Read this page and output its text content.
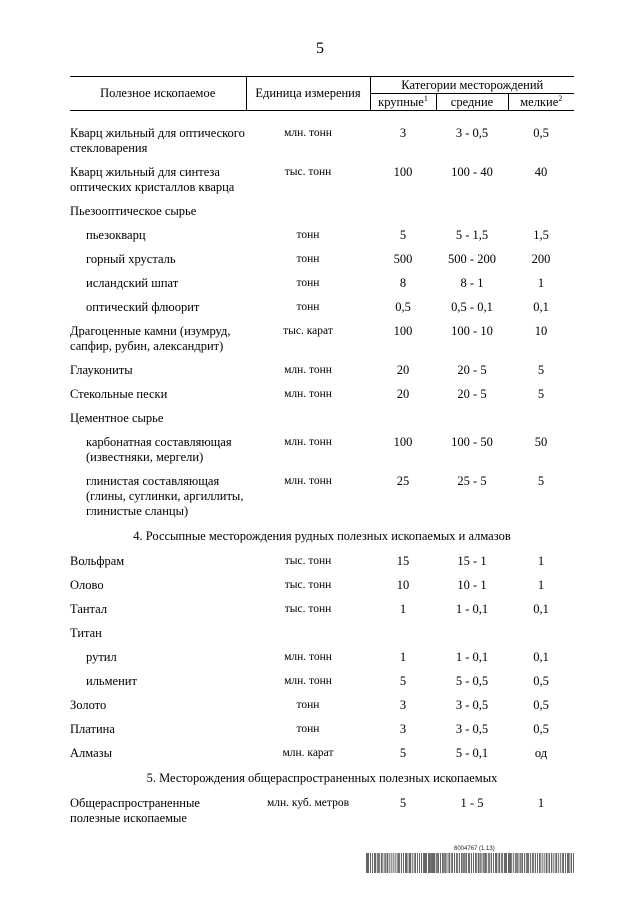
5
Полезное ископаемое	Единица измерения	Категории месторождений		
		крупные$^1$	средние	мелкие$^2$

Кварц жильный для оптического стекловарения	млн. тонн	3	3 - 0,5	0,5
Кварц жильный для синтеза оптических кристаллов кварца	тыс. тонн	100	100 - 40	40
Пьезооптическое сырье				
пьезокварц	тонн	5	5 - 1,5	1,5
горный хрусталь	тонн	500	500 - 200	200
исландский шпат	тонн	8	8 - 1	1
оптический флюорит	тонн	0,5	0,5 - 0,1	0,1
Драгоценные камни (изумруд, сапфир, рубин, александрит)	тыс. карат	100	100 - 10	10
Глаукониты	млн. тонн	20	20 - 5	5
Стекольные пески	млн. тонн	20	20 - 5	5
Цементное сырье				
карбонатная составляющая (известняки, мергели)	млн. тонн	100	100 - 50	50
глинистая составляющая (глины, суглинки, аргиллиты, глинистые сланцы)	млн. тонн	25	25 - 5	5
4. Россыпные месторождения рудных полезных ископаемых и алмазов				
Вольфрам	тыс. тонн	15	15 - 1	1
Олово	тыс. тонн	10	10 - 1	1
Тантал	тыс. тонн	1	1 - 0,1	0,1
Титан				
рутил	млн. тонн	1	1 - 0,1	0,1
ильменит	млн. тонн	5	5 - 0,5	0,5
Золото	тонн	3	3 - 0,5	0,5
Платина	тонн	3	3 - 0,5	0,5
Алмазы	млн. карат	5	5 - 0,1	од
5. Месторождения общераспространенных полезных ископаемых				
Общераспространенные полезные ископаемые	млн. куб. метров	5	1 - 5	1
6004767 (1.13)
